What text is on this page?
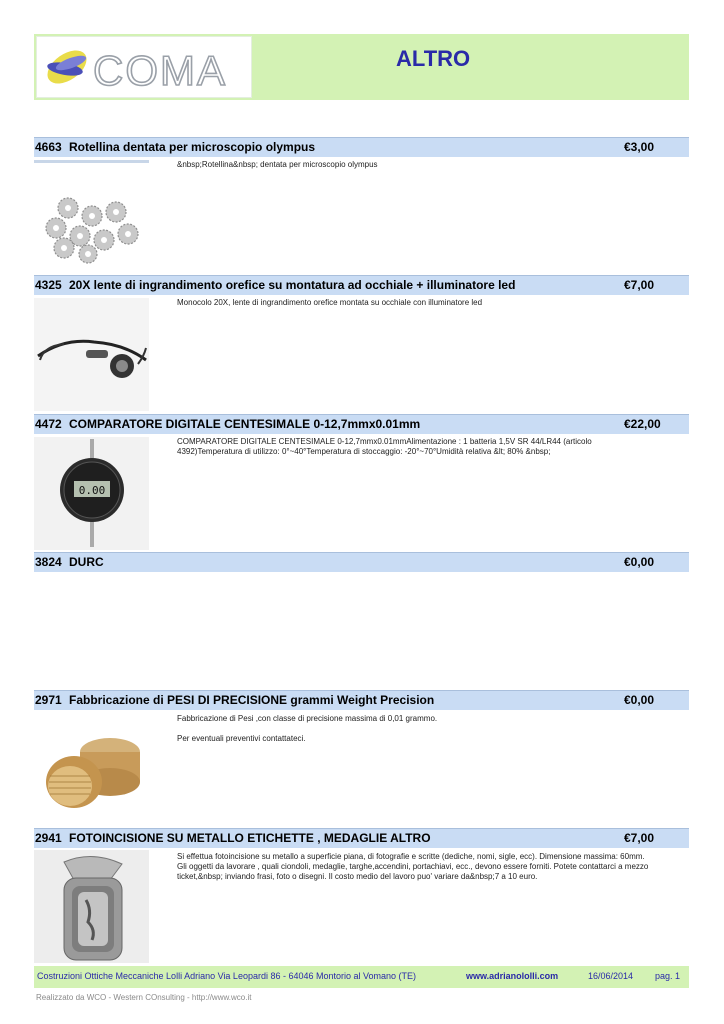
COMA	ALTRO
4663 Rotellina dentata per microscopio olympus	€3,00

&nbsp;Rotellina&nbsp; dentata per microscopio olympus

4325 20X lente di ingrandimento orefice su montatura ad occhiale + illuminatore led	€7,00

Monocolo 20X, lente di ingrandimento orefice montata su occhiale con illuminatore led

4472 COMPARATORE DIGITALE CENTESIMALE 0-12,7mmx0.01mm	€22,00

COMPARATORE DIGITALE CENTESIMALE 0-12,7mmx0.01mmAlimentazione : 1 batteria 1,5V SR 44/LR44 (articolo 4392)Temperatura di utilizzo: 0°~40°Temperatura di stoccaggio: -20°~70°Umidità relativa &lt; 80% &nbsp;

0.00
3824 DURC	€0,00
2971 Fabbricazione di PESI DI PRECISIONE grammi Weight Precision	€0,00

Fabbricazione di Pesi ,con classe di precisione massima di 0,01 grammo.

Per eventuali preventivi contattateci.

2941 FOTOINCISIONE SU METALLO ETICHETTE , MEDAGLIE ALTRO	€7,00

Si effettua fotoincisione su metallo a superficie piana, di fotografie e scritte (dediche, nomi, sigle, ecc). Dimensione massima: 60mm.

Gli oggetti da lavorare , quali ciondoli, medaglie, targhe,accendini, portachiavi, ecc., devono essere forniti. Potete contattarci a mezzo ticket,&nbsp; inviando frasi, foto o disegni. Il costo medio del lavoro puo' variare da&nbsp;7 a 10 euro.

Costruzioni Ottiche Meccaniche Lolli Adriano Via Leopardi 86 - 64046 Montorio al Vomano (TE)	www.adrianololli.com	16/06/2014 pag. 1
Realizzato da WCO - Western COnsulting - http://www.wco.it
